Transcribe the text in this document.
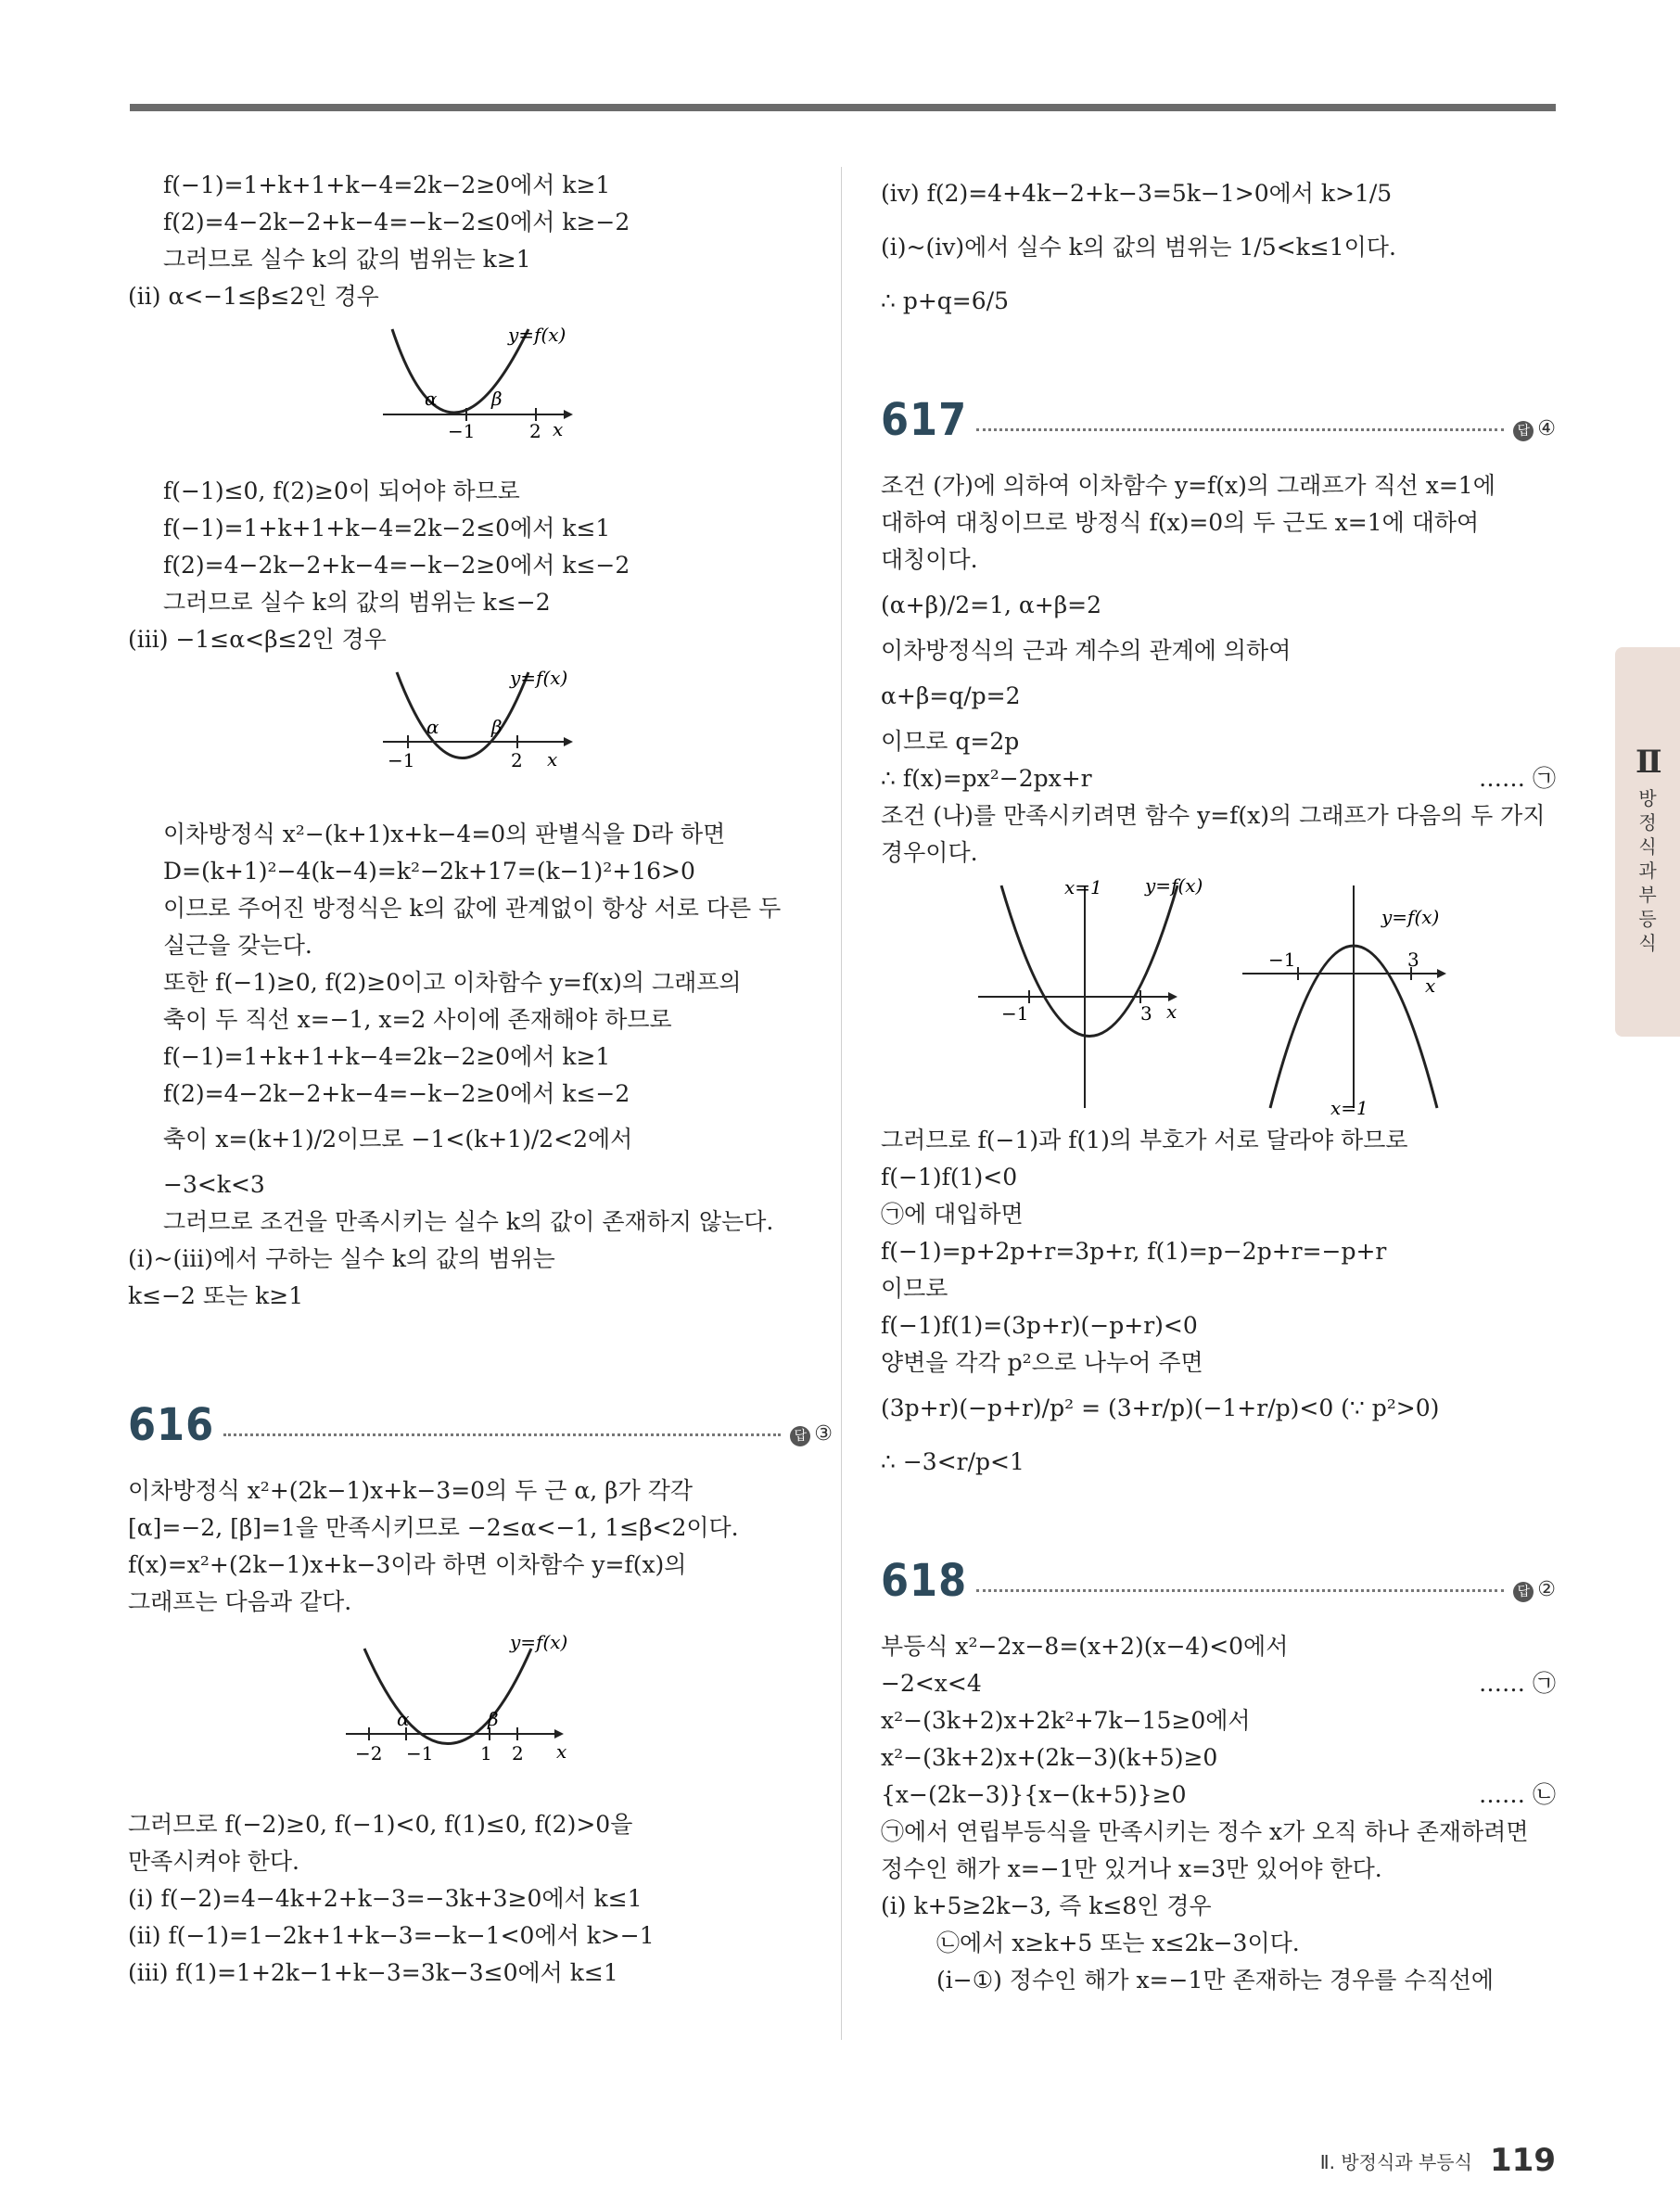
f(−1)=1+k+1+k−4=2k−2≥0에서 k≥1
f(2)=4−2k−2+k−4=−k−2≤0에서 k≥−2
그러므로 실수 k의 값의 범위는 k≥1
(ii) α<−1≤β≤2인 경우
y=f(x)
α	β
−1	2 x
f(−1)≤0, f(2)≥0이 되어야 하므로
f(−1)=1+k+1+k−4=2k−2≤0에서 k≤1
f(2)=4−2k−2+k−4=−k−2≥0에서 k≤−2
그러므로 실수 k의 값의 범위는 k≤−2
(iii) −1≤α<β≤2인 경우
y=f(x)
α	β
−1	2 x
이차방정식 x²−(k+1)x+k−4=0의 판별식을 D라 하면
D=(k+1)²−4(k−4)=k²−2k+17=(k−1)²+16>0
이므로 주어진 방정식은 k의 값에 관계없이 항상 서로 다른 두
실근을 갖는다.
또한 f(−1)≥0, f(2)≥0이고 이차함수 y=f(x)의 그래프의
축이 두 직선 x=−1, x=2 사이에 존재해야 하므로
f(−1)=1+k+1+k−4=2k−2≥0에서 k≥1
f(2)=4−2k−2+k−4=−k−2≥0에서 k≤−2
축이 x=(k+1)/2이므로 −1<(k+1)/2<2에서
−3<k<3
그러므로 조건을 만족시키는 실수 k의 값이 존재하지 않는다.
(i)~(iii)에서 구하는 실수 k의 값의 범위는
k≤−2 또는 k≥1
616	답 ③
이차방정식 x²+(2k−1)x+k−3=0의 두 근 α, β가 각각
[α]=−2, [β]=1을 만족시키므로 −2≤α<−1, 1≤β<2이다.
f(x)=x²+(2k−1)x+k−3이라 하면 이차함수 y=f(x)의
그래프는 다음과 같다.
y=f(x)
α	β
−2 −1	1 2 x
그러므로 f(−2)≥0, f(−1)<0, f(1)≤0, f(2)>0을
만족시켜야 한다.
(i) f(−2)=4−4k+2+k−3=−3k+3≥0에서 k≤1
(ii) f(−1)=1−2k+1+k−3=−k−1<0에서 k>−1
(iii) f(1)=1+2k−1+k−3=3k−3≤0에서 k≤1
(iv) f(2)=4+4k−2+k−3=5k−1>0에서 k>1/5
(i)~(iv)에서 실수 k의 값의 범위는 1/5<k≤1이다.
∴ p+q=6/5
617	답 ④
조건 (가)에 의하여 이차함수 y=f(x)의 그래프가 직선 x=1에
대하여 대칭이므로 방정식 f(x)=0의 두 근도 x=1에 대하여
대칭이다.
(α+β)/2=1, α+β=2
이차방정식의 근과 계수의 관계에 의하여
α+β=q/p=2
이므로 q=2p
∴ f(x)=px²−2px+r	…… ㉠
조건 (나)를 만족시키려면 함수 y=f(x)의 그래프가 다음의 두 가지
경우이다.
x=1 y=f(x)
−1	3 x
y=f(x)
−1	3
x
x=1
그러므로 f(−1)과 f(1)의 부호가 서로 달라야 하므로
f(−1)f(1)<0
㉠에 대입하면
f(−1)=p+2p+r=3p+r, f(1)=p−2p+r=−p+r
이므로
f(−1)f(1)=(3p+r)(−p+r)<0
양변을 각각 p²으로 나누어 주면
(3p+r)(−p+r)/p² = (3+r/p)(−1+r/p)<0 (∵ p²>0)
∴ −3<r/p<1
618	답 ②
부등식 x²−2x−8=(x+2)(x−4)<0에서
−2<x<4	…… ㉠
x²−(3k+2)x+2k²+7k−15≥0에서
x²−(3k+2)x+(2k−3)(k+5)≥0
{x−(2k−3)}{x−(k+5)}≥0	…… ㉡
㉠에서 연립부등식을 만족시키는 정수 x가 오직 하나 존재하려면
정수인 해가 x=−1만 있거나 x=3만 있어야 한다.
(i) k+5≥2k−3, 즉 k≤8인 경우
㉡에서 x≥k+5 또는 x≤2k−3이다.
(i−①) 정수인 해가 x=−1만 존재하는 경우를 수직선에
Ⅱ
방정식과 부등식
Ⅱ. 방정식과 부등식 119
